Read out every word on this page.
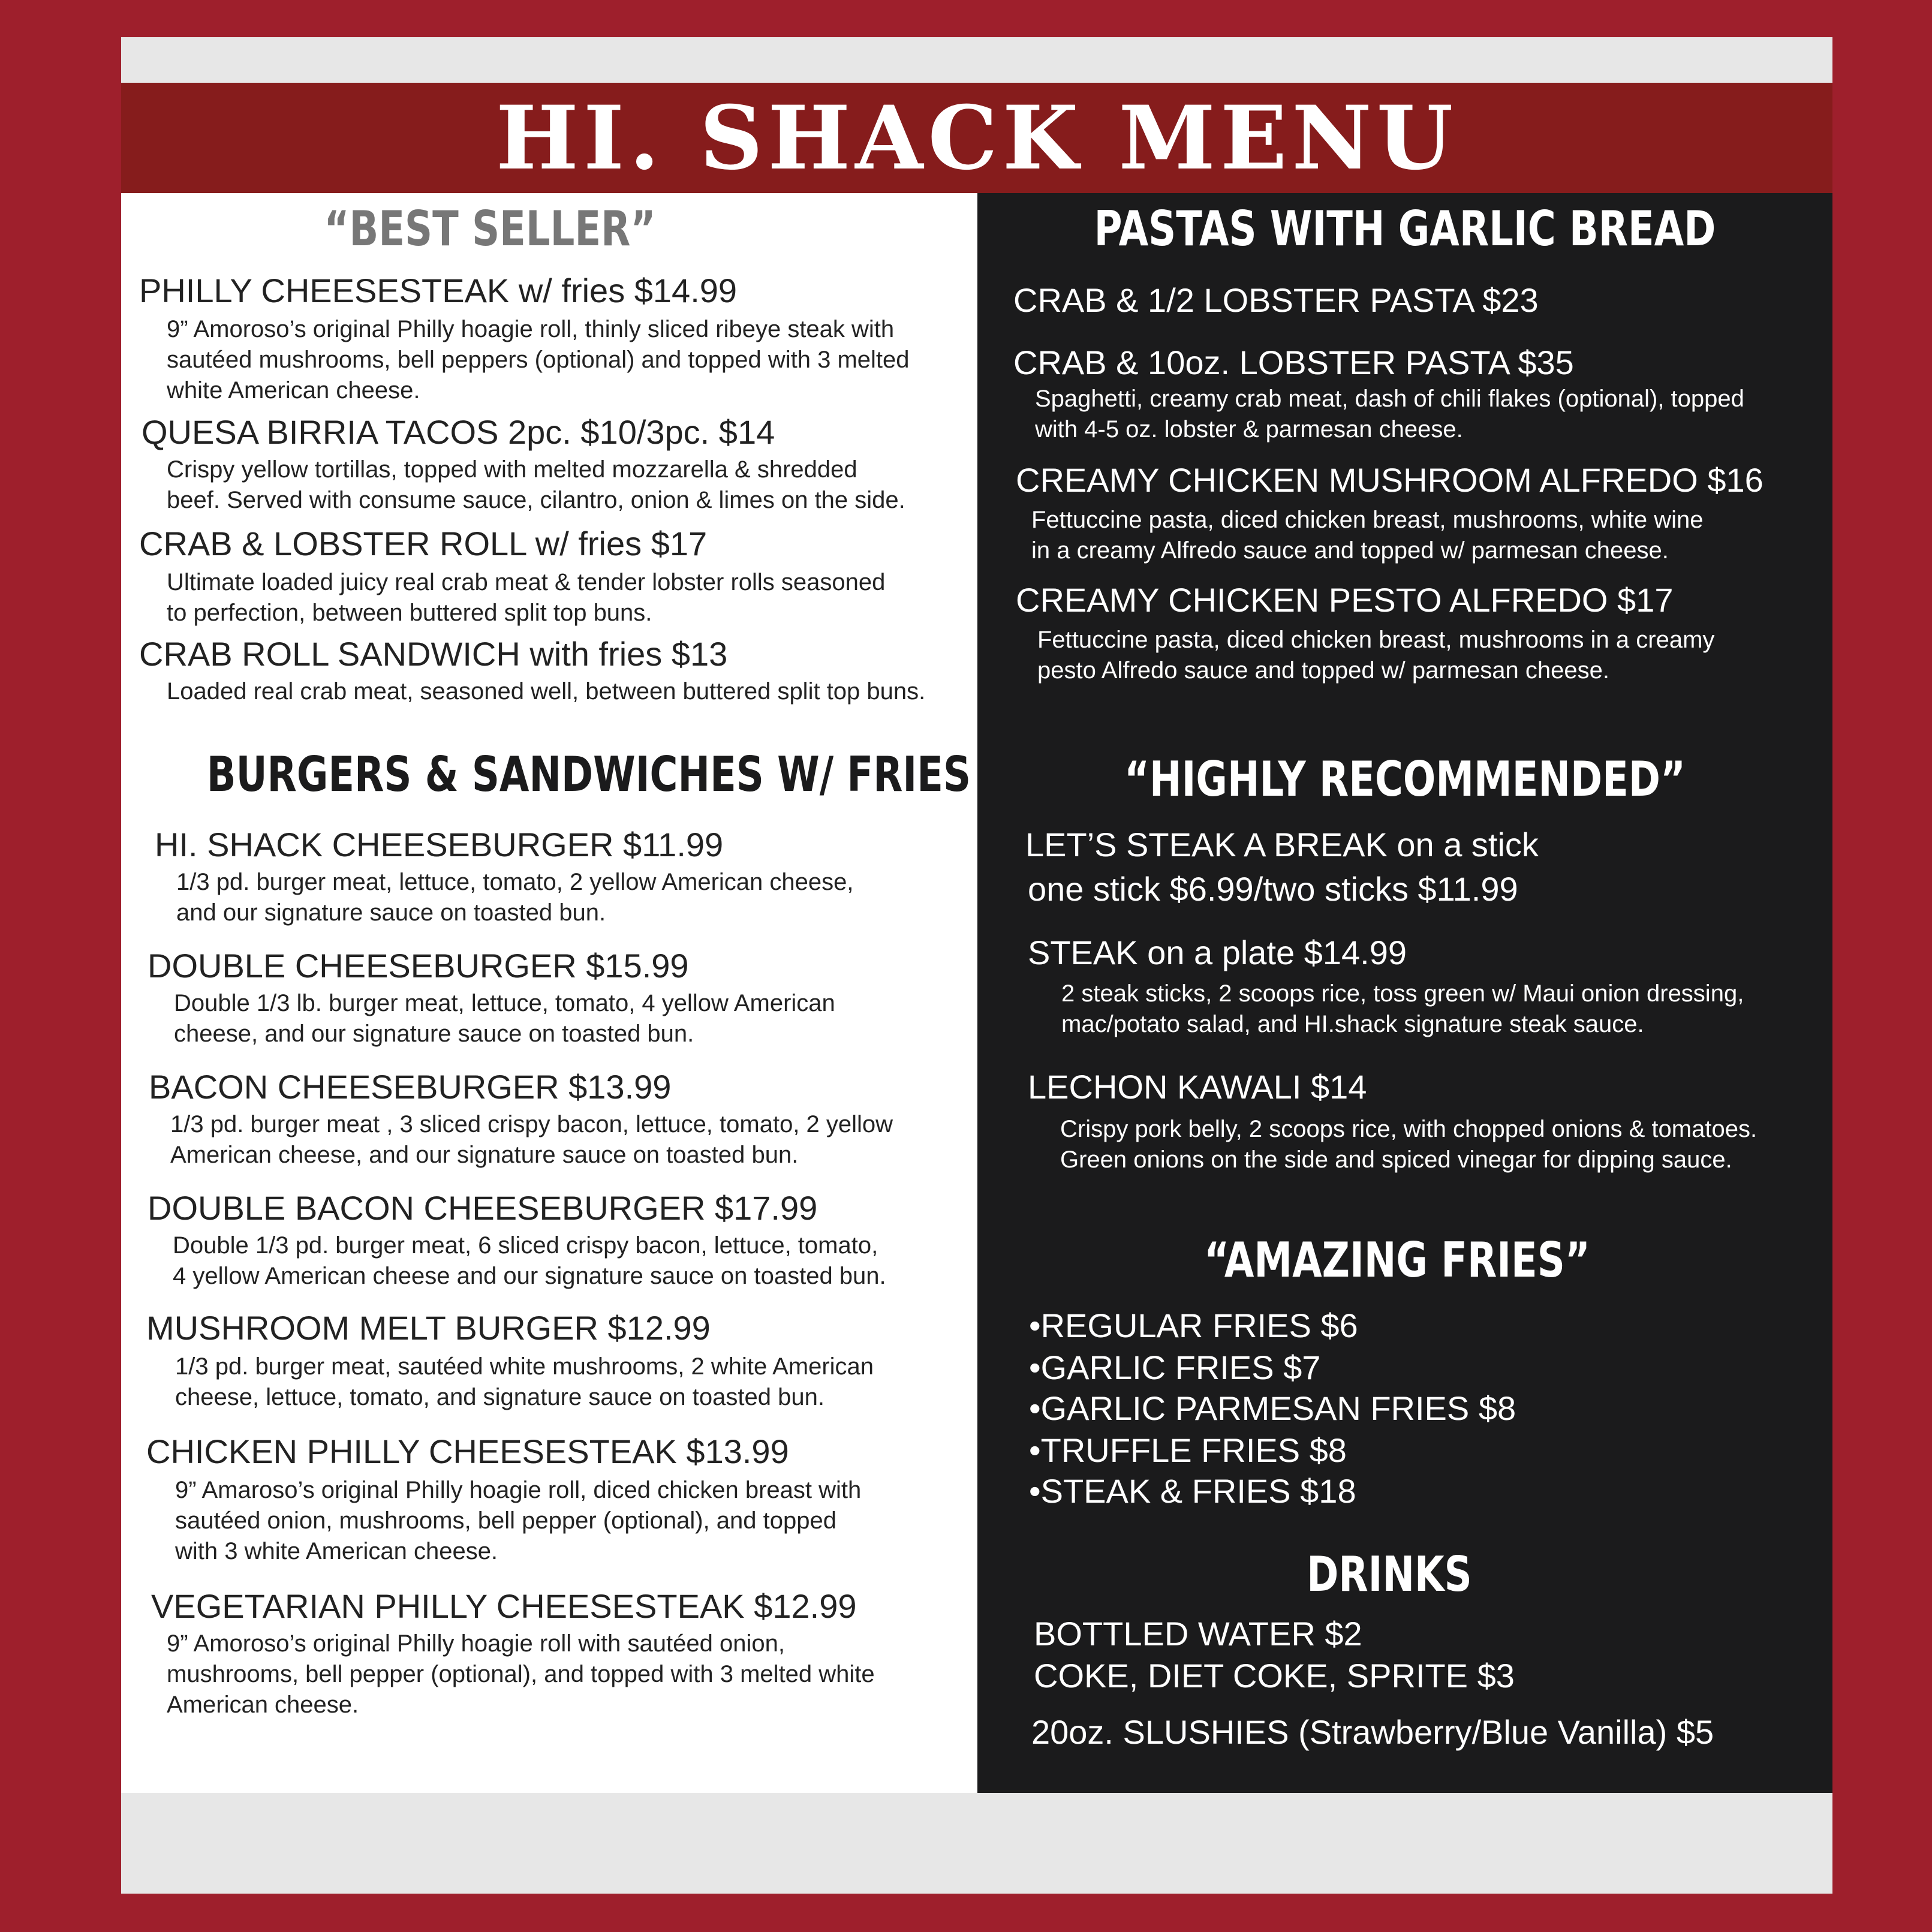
HI. SHACK MENU
“BEST SELLER”
PHILLY CHEESESTEAK w/ fries $14.99
9” Amoroso’s original Philly hoagie roll, thinly sliced ribeye steak with
sautéed mushrooms, bell peppers (optional) and topped with 3 melted
white American cheese.
QUESA BIRRIA TACOS 2pc. $10/3pc. $14
Crispy yellow tortillas, topped with melted mozzarella & shredded
beef. Served with consume sauce, cilantro, onion & limes on the side.
CRAB & LOBSTER ROLL w/ fries $17
Ultimate loaded juicy real crab meat & tender lobster rolls seasoned
to perfection, between buttered split top buns.
CRAB ROLL SANDWICH with fries $13
Loaded real crab meat, seasoned well, between buttered split top buns.
BURGERS & SANDWICHES W/ FRIES
HI. SHACK CHEESEBURGER $11.99
1/3 pd. burger meat, lettuce, tomato, 2 yellow American cheese,
and our signature sauce on toasted bun.
DOUBLE CHEESEBURGER $15.99
Double 1/3 lb. burger meat, lettuce, tomato, 4 yellow American
cheese, and our signature sauce on toasted bun.
BACON CHEESEBURGER $13.99
1/3 pd. burger meat , 3 sliced crispy bacon, lettuce, tomato, 2 yellow
American cheese, and our signature sauce on toasted bun.
DOUBLE BACON CHEESEBURGER $17.99
Double 1/3 pd. burger meat, 6 sliced crispy bacon, lettuce, tomato,
4 yellow American cheese and our signature sauce on toasted bun.
MUSHROOM MELT BURGER $12.99
1/3 pd. burger meat, sautéed white mushrooms, 2 white American
cheese, lettuce, tomato, and signature sauce on toasted bun.
CHICKEN PHILLY CHEESESTEAK $13.99
9” Amaroso’s original Philly hoagie roll, diced chicken breast with
sautéed onion, mushrooms, bell pepper (optional), and topped
with 3 white American cheese.
VEGETARIAN PHILLY CHEESESTEAK $12.99
9” Amoroso’s original Philly hoagie roll with sautéed onion,
mushrooms, bell pepper (optional), and topped with 3 melted white
American cheese.
PASTAS WITH GARLIC BREAD
CRAB & 1/2 LOBSTER PASTA $23
CRAB & 10oz. LOBSTER PASTA $35
Spaghetti, creamy crab meat, dash of chili flakes (optional), topped
with 4-5 oz. lobster & parmesan cheese.
CREAMY CHICKEN MUSHROOM ALFREDO $16
Fettuccine pasta, diced chicken breast, mushrooms, white wine
in a creamy Alfredo sauce and topped w/ parmesan cheese.
CREAMY CHICKEN PESTO ALFREDO $17
Fettuccine pasta, diced chicken breast, mushrooms in a creamy
pesto Alfredo sauce and topped w/ parmesan cheese.
“HIGHLY RECOMMENDED”
LET’S STEAK A BREAK on a stick
one stick $6.99/two sticks $11.99
STEAK on a plate $14.99
2 steak sticks, 2 scoops rice, toss green w/ Maui onion dressing,
mac/potato salad, and HI.shack signature steak sauce.
LECHON KAWALI $14
Crispy pork belly, 2 scoops rice, with chopped onions & tomatoes.
Green onions on the side and spiced vinegar for dipping sauce.
“AMAZING FRIES”
•REGULAR FRIES $6
•GARLIC FRIES $7
•GARLIC PARMESAN FRIES $8
•TRUFFLE FRIES $8
•STEAK & FRIES $18
DRINKS
BOTTLED WATER $2
COKE, DIET COKE, SPRITE $3
20oz. SLUSHIES (Strawberry/Blue Vanilla) $5
